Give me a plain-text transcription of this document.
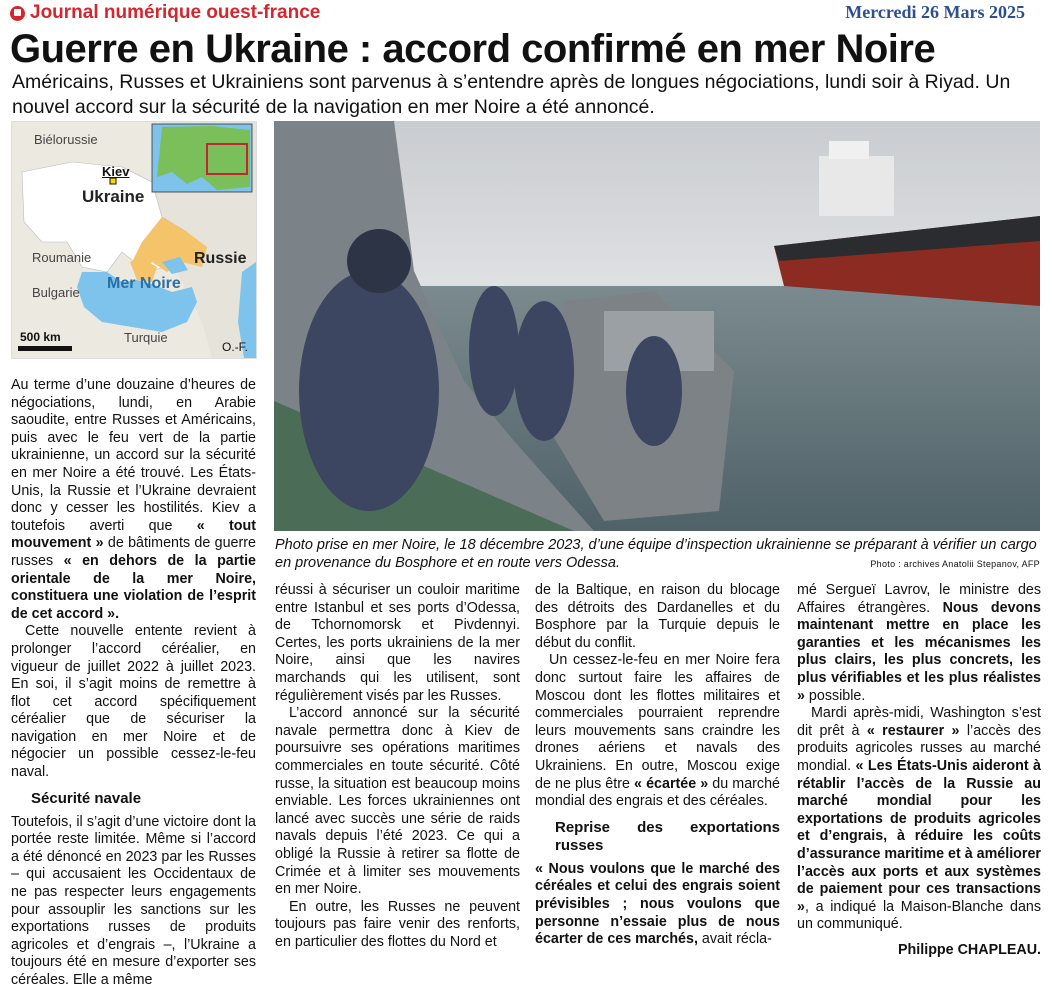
Journal numérique ouest-france	Mercredi 26 Mars 2025
Guerre en Ukraine : accord confirmé en mer Noire
Américains, Russes et Ukrainiens sont parvenus à s’entendre après de longues négociations, lundi soir à Riyad. Un nouvel accord sur la sécurité de la navigation en mer Noire a été annoncé.
Biélorussie
Kiev
Ukraine
Roumanie	Russie
Mer Noire
Bulgarie
Turquie
500 km
O.-F.
Photo prise en mer Noire, le 18 décembre 2023, d’une équipe d’inspection ukrainienne se préparant à vérifier un cargo en provenance du Bosphore et en route vers Odessa.	Photo : archives Anatolii Stepanov, AFP

Au terme d’une douzaine d’heures de négociations, lundi, en Arabie saoudite, entre Russes et Américains, puis avec le feu vert de la partie ukrainienne, un accord sur la sécurité en mer Noire a été trouvé. Les États-Unis, la Russie et l’Ukraine devraient donc y cesser les hostilités. Kiev a toutefois averti que « tout mouvement » de bâtiments de guerre russes « en dehors de la partie orientale de la mer Noire, constituera une violation de l’esprit de cet accord ».

Cette nouvelle entente revient à prolonger l’accord céréalier, en vigueur de juillet 2022 à juillet 2023. En soi, il s’agit moins de remettre à flot cet accord spécifiquement céréalier que de sécuriser la navigation en mer Noire et de négocier un possible cessez-le-feu naval.

Sécurité navale

Toutefois, il s’agit d’une victoire dont la portée reste limitée. Même si l’accord a été dénoncé en 2023 par les Russes – qui accusaient les Occidentaux de ne pas respecter leurs engagements pour assouplir les sanctions sur les exportations russes de produits agricoles et d’engrais –, l’Ukraine a toujours été en mesure d’exporter ses céréales. Elle a même

réussi à sécuriser un couloir maritime entre Istanbul et ses ports d’Odessa, de Tchornomorsk et Pivdennyi. Certes, les ports ukrainiens de la mer Noire, ainsi que les navires marchands qui les utilisent, sont régulièrement visés par les Russes.

L’accord annoncé sur la sécurité navale permettra donc à Kiev de poursuivre ses opérations maritimes commerciales en toute sécurité. Côté russe, la situation est beaucoup moins enviable. Les forces ukrainiennes ont lancé avec succès une série de raids navals depuis l’été 2023. Ce qui a obligé la Russie à retirer sa flotte de Crimée et à limiter ses mouvements en mer Noire.

En outre, les Russes ne peuvent toujours pas faire venir des renforts, en particulier des flottes du Nord et

de la Baltique, en raison du blocage des détroits des Dardanelles et du Bosphore par la Turquie depuis le début du conflit.

Un cessez-le-feu en mer Noire fera donc surtout faire les affaires de Moscou dont les flottes militaires et commerciales pourraient reprendre leurs mouvements sans craindre les drones aériens et navals des Ukrainiens. En outre, Moscou exige de ne plus être « écartée » du marché mondial des engrais et des céréales.

Reprise des exportations russes

« Nous voulons que le marché des céréales et celui des engrais soient prévisibles ; nous voulons que personne n’essaie plus de nous écarter de ces marchés, avait récla-

mé Sergueï Lavrov, le ministre des Affaires étrangères. Nous devons maintenant mettre en place les garanties et les mécanismes les plus clairs, les plus concrets, les plus vérifiables et les plus réalistes » possible.

Mardi après-midi, Washington s’est dit prêt à « restaurer » l’accès des produits agricoles russes au marché mondial. « Les États-Unis aideront à rétablir l’accès de la Russie au marché mondial pour les exportations de produits agricoles et d’engrais, à réduire les coûts d’assurance maritime et à améliorer l’accès aux ports et aux systèmes de paiement pour ces transactions », a indiqué la Maison-Blanche dans un communiqué.

Philippe CHAPLEAU.
